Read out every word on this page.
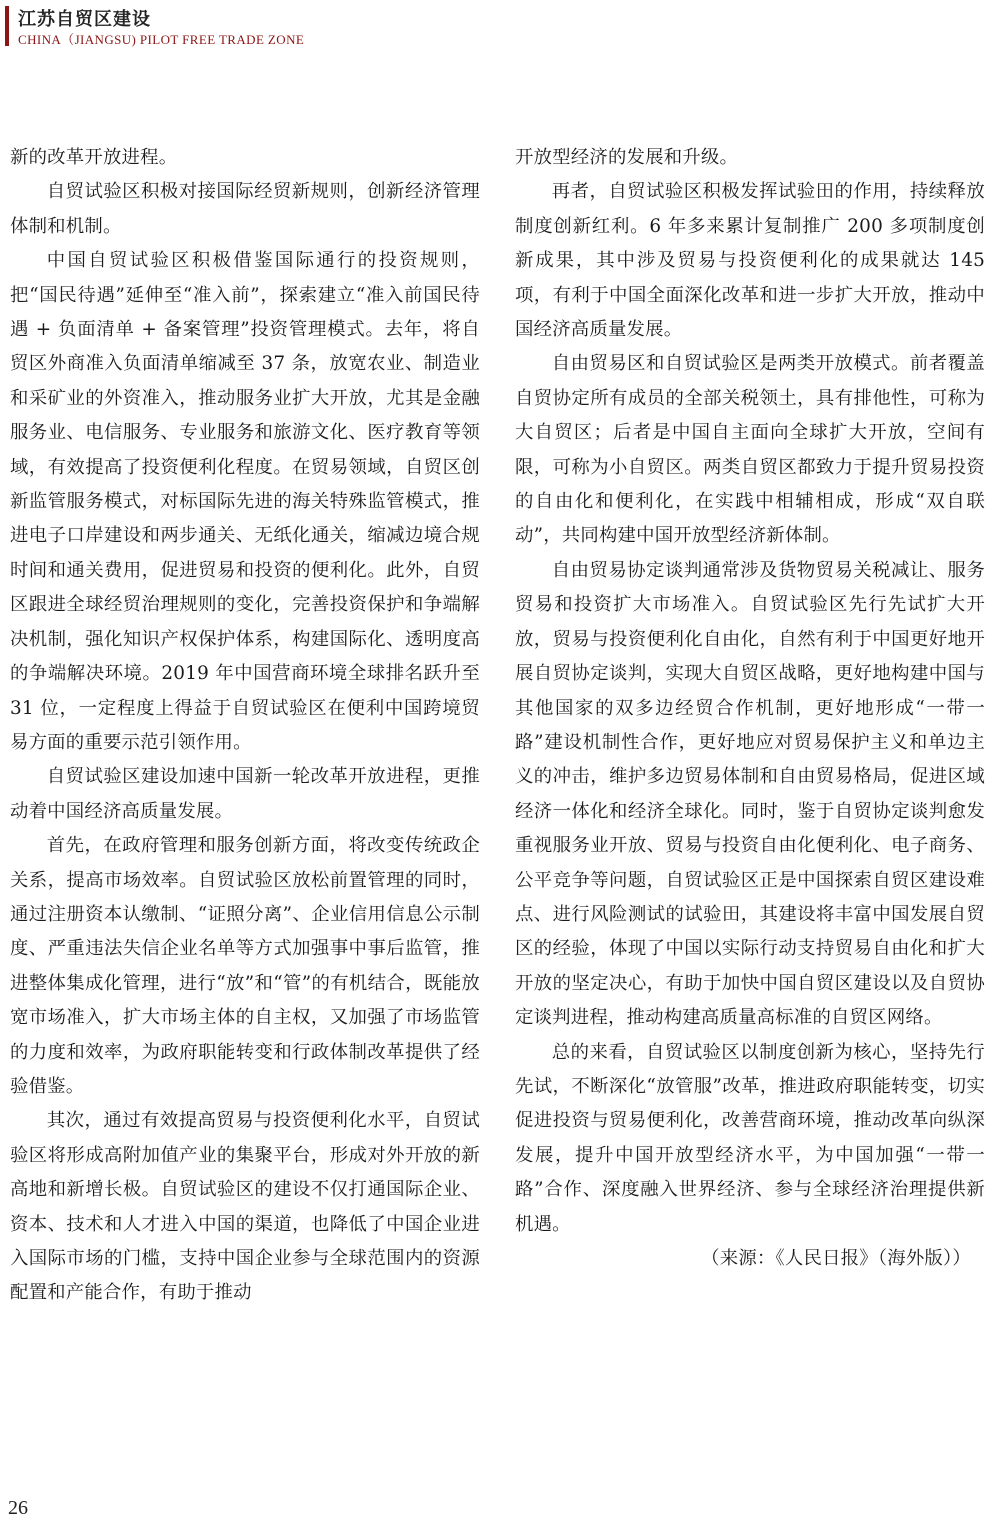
江苏自贸区建设
CHINA（JIANGSU) PILOT FREE TRADE ZONE

新的改革开放进程。

自贸试验区积极对接国际经贸新规则，创新经济管理体制和机制。

中国自贸试验区积极借鉴国际通行的投资规则，把“国民待遇”延伸至“准入前”，探索建立“准入前国民待遇 + 负面清单 + 备案管理”投资管理模式。去年，将自贸区外商准入负面清单缩减至 37 条，放宽农业、制造业和采矿业的外资准入，推动服务业扩大开放，尤其是金融服务业、电信服务、专业服务和旅游文化、医疗教育等领域，有效提高了投资便利化程度。在贸易领域，自贸区创新监管服务模式，对标国际先进的海关特殊监管模式，推进电子口岸建设和两步通关、无纸化通关，缩减边境合规时间和通关费用，促进贸易和投资的便利化。此外，自贸区跟进全球经贸治理规则的变化，完善投资保护和争端解决机制，强化知识产权保护体系，构建国际化、透明度高的争端解决环境。2019 年中国营商环境全球排名跃升至 31 位，一定程度上得益于自贸试验区在便利中国跨境贸易方面的重要示范引领作用。

自贸试验区建设加速中国新一轮改革开放进程，更推动着中国经济高质量发展。

首先，在政府管理和服务创新方面，将改变传统政企关系，提高市场效率。自贸试验区放松前置管理的同时，通过注册资本认缴制、“证照分离”、企业信用信息公示制度、严重违法失信企业名单等方式加强事中事后监管，推进整体集成化管理，进行“放”和“管”的有机结合，既能放宽市场准入，扩大市场主体的自主权，又加强了市场监管的力度和效率，为政府职能转变和行政体制改革提供了经验借鉴。

其次，通过有效提高贸易与投资便利化水平，自贸试验区将形成高附加值产业的集聚平台，形成对外开放的新高地和新增长极。自贸试验区的建设不仅打通国际企业、资本、技术和人才进入中国的渠道，也降低了中国企业进入国际市场的门槛，支持中国企业参与全球范围内的资源配置和产能合作，有助于推动

开放型经济的发展和升级。

再者，自贸试验区积极发挥试验田的作用，持续释放制度创新红利。6 年多来累计复制推广 200 多项制度创新成果，其中涉及贸易与投资便利化的成果就达 145 项，有利于中国全面深化改革和进一步扩大开放，推动中国经济高质量发展。

自由贸易区和自贸试验区是两类开放模式。前者覆盖自贸协定所有成员的全部关税领土，具有排他性，可称为大自贸区；后者是中国自主面向全球扩大开放，空间有限，可称为小自贸区。两类自贸区都致力于提升贸易投资的自由化和便利化，在实践中相辅相成，形成“双自联动”，共同构建中国开放型经济新体制。

自由贸易协定谈判通常涉及货物贸易关税减让、服务贸易和投资扩大市场准入。自贸试验区先行先试扩大开放，贸易与投资便利化自由化，自然有利于中国更好地开展自贸协定谈判，实现大自贸区战略，更好地构建中国与其他国家的双多边经贸合作机制，更好地形成“一带一路”建设机制性合作，更好地应对贸易保护主义和单边主义的冲击，维护多边贸易体制和自由贸易格局，促进区域经济一体化和经济全球化。同时，鉴于自贸协定谈判愈发重视服务业开放、贸易与投资自由化便利化、电子商务、公平竞争等问题，自贸试验区正是中国探索自贸区建设难点、进行风险测试的试验田，其建设将丰富中国发展自贸区的经验，体现了中国以实际行动支持贸易自由化和扩大开放的坚定决心，有助于加快中国自贸区建设以及自贸协定谈判进程，推动构建高质量高标准的自贸区网络。

总的来看，自贸试验区以制度创新为核心，坚持先行先试，不断深化“放管服”改革，推进政府职能转变，切实促进投资与贸易便利化，改善营商环境，推动改革向纵深发展，提升中国开放型经济水平，为中国加强“一带一路”合作、深度融入世界经济、参与全球经济治理提供新机遇。

（来源：《人民日报》（海外版））

26
